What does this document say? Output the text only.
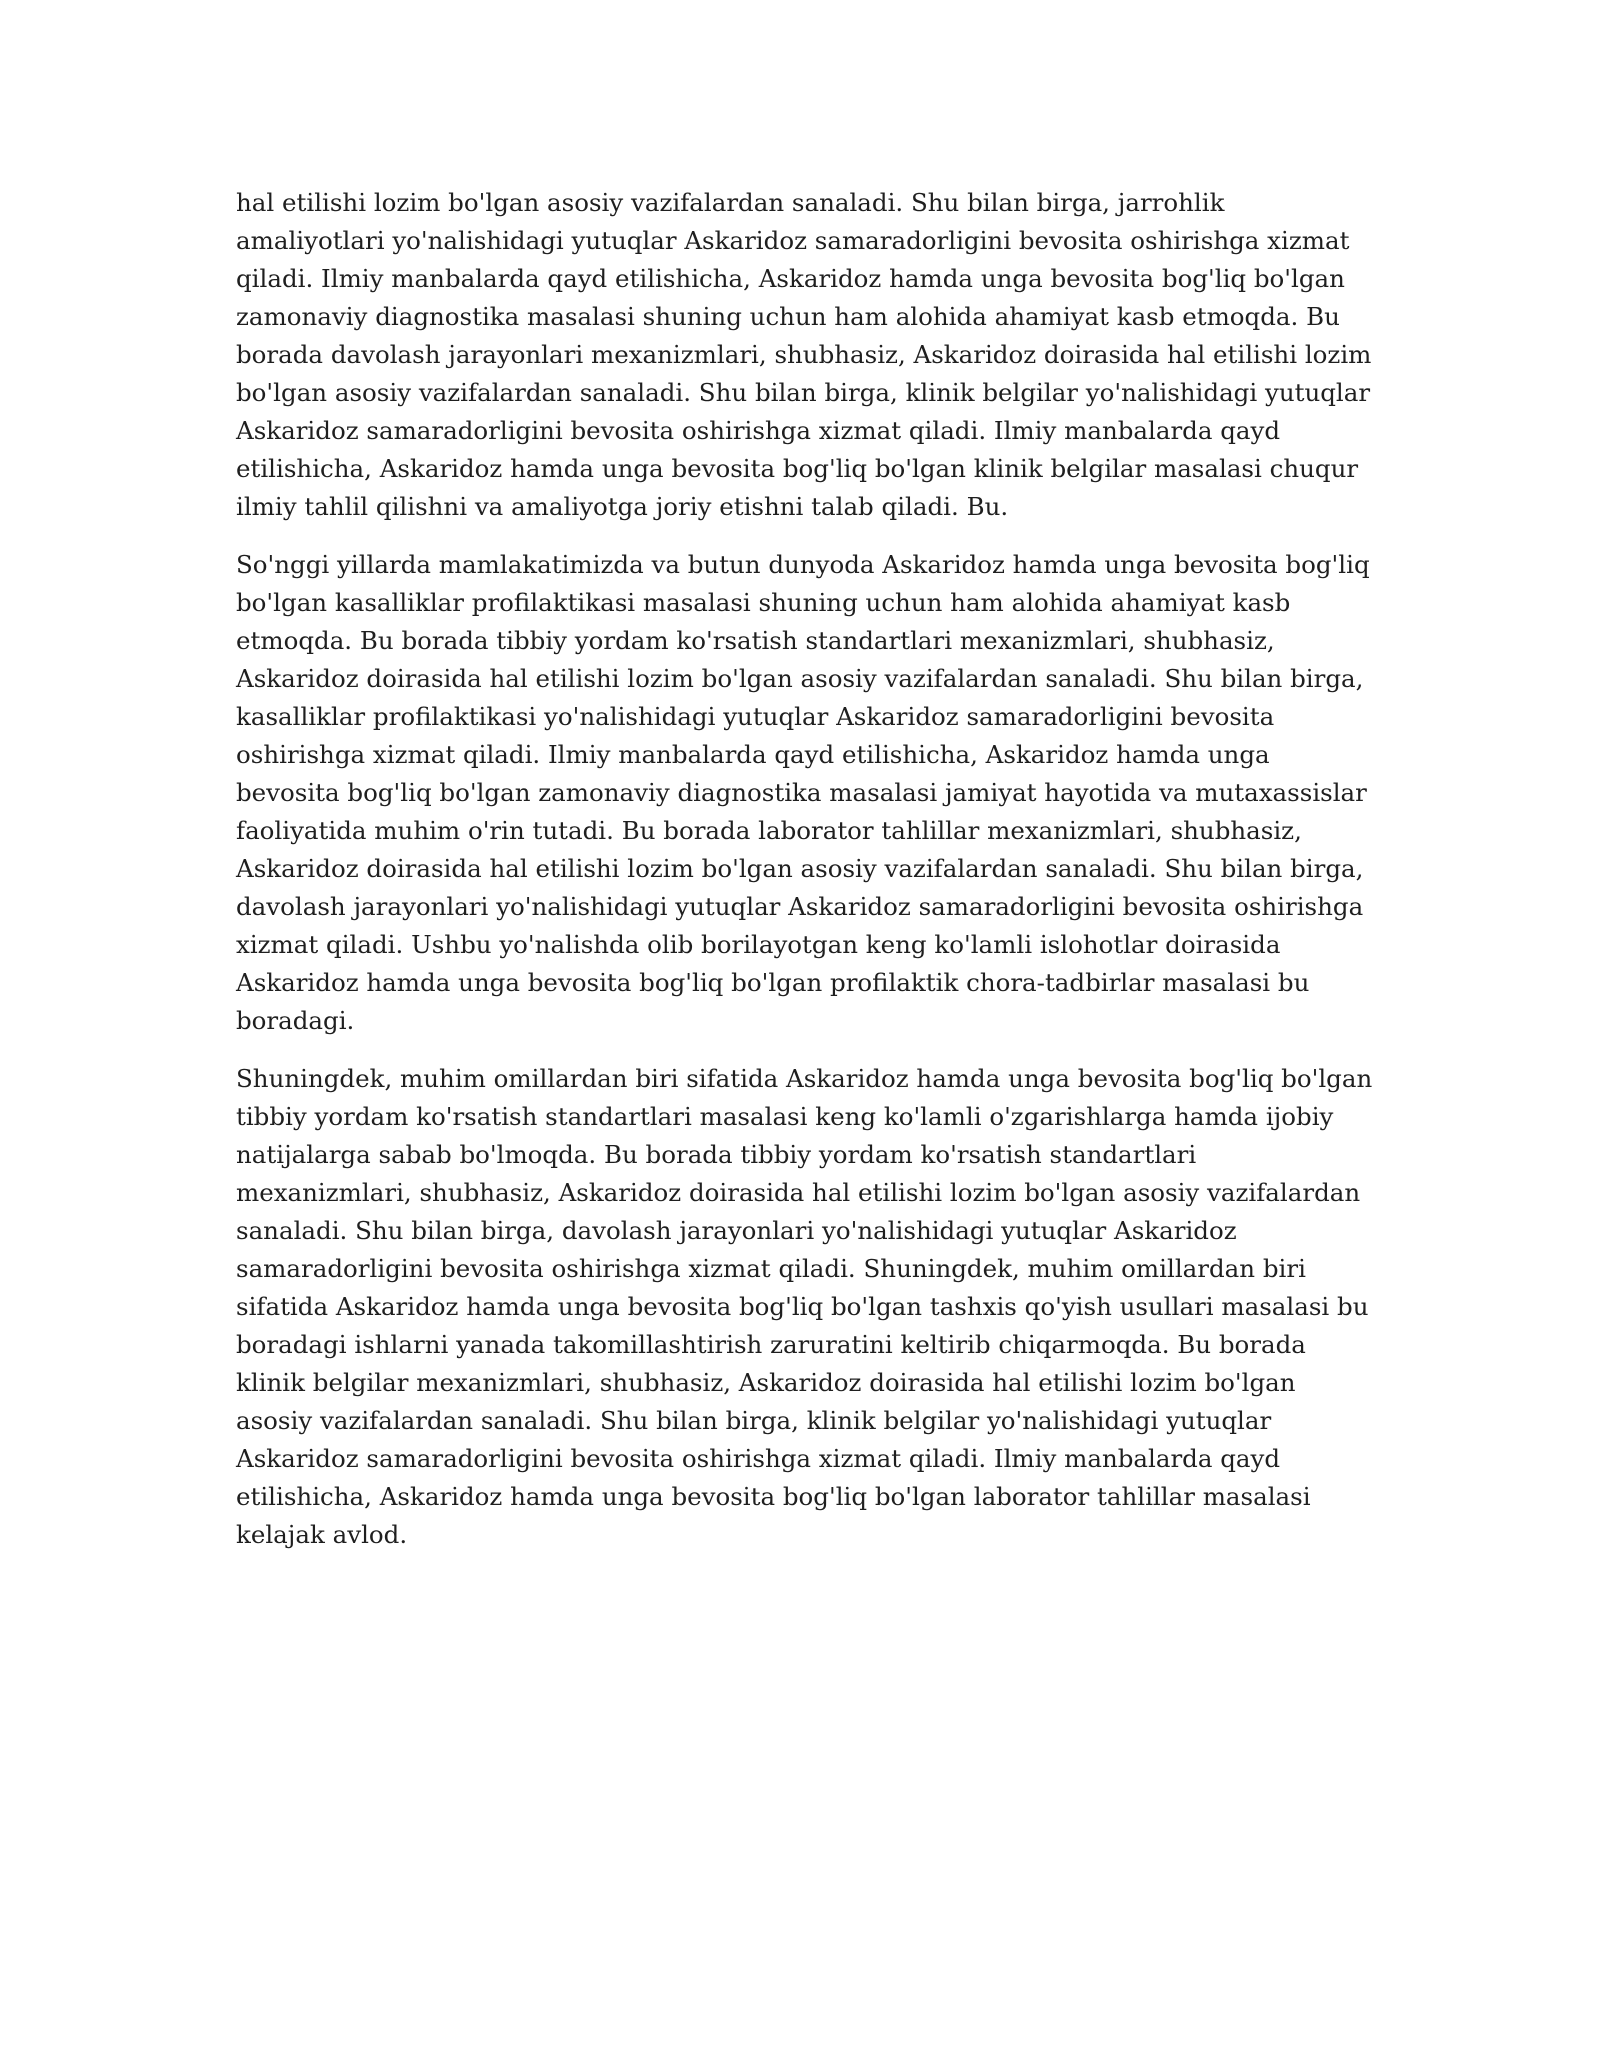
hal etilishi lozim bo'lgan asosiy vazifalardan sanaladi. Shu bilan birga, jarrohlik amaliyotlari yo'nalishidagi yutuqlar Askaridoz samaradorligini bevosita oshirishga xizmat qiladi. Ilmiy manbalarda qayd etilishicha, Askaridoz hamda unga bevosita bog'liq bo'lgan zamonaviy diagnostika masalasi shuning uchun ham alohida ahamiyat kasb etmoqda. Bu borada davolash jarayonlari mexanizmlari, shubhasiz, Askaridoz doirasida hal etilishi lozim bo'lgan asosiy vazifalardan sanaladi. Shu bilan birga, klinik belgilar yo'nalishidagi yutuqlar Askaridoz samaradorligini bevosita oshirishga xizmat qiladi. Ilmiy manbalarda qayd etilishicha, Askaridoz hamda unga bevosita bog'liq bo'lgan klinik belgilar masalasi chuqur ilmiy tahlil qilishni va amaliyotga joriy etishni talab qiladi. Bu.

So'nggi yillarda mamlakatimizda va butun dunyoda Askaridoz hamda unga bevosita bog'liq bo'lgan kasalliklar profilaktikasi masalasi shuning uchun ham alohida ahamiyat kasb etmoqda. Bu borada tibbiy yordam ko'rsatish standartlari mexanizmlari, shubhasiz, Askaridoz doirasida hal etilishi lozim bo'lgan asosiy vazifalardan sanaladi. Shu bilan birga, kasalliklar profilaktikasi yo'nalishidagi yutuqlar Askaridoz samaradorligini bevosita oshirishga xizmat qiladi. Ilmiy manbalarda qayd etilishicha, Askaridoz hamda unga bevosita bog'liq bo'lgan zamonaviy diagnostika masalasi jamiyat hayotida va mutaxassislar faoliyatida muhim o'rin tutadi. Bu borada laborator tahlillar mexanizmlari, shubhasiz, Askaridoz doirasida hal etilishi lozim bo'lgan asosiy vazifalardan sanaladi. Shu bilan birga, davolash jarayonlari yo'nalishidagi yutuqlar Askaridoz samaradorligini bevosita oshirishga xizmat qiladi. Ushbu yo'nalishda olib borilayotgan keng ko'lamli islohotlar doirasida Askaridoz hamda unga bevosita bog'liq bo'lgan profilaktik chora-tadbirlar masalasi bu boradagi.

Shuningdek, muhim omillardan biri sifatida Askaridoz hamda unga bevosita bog'liq bo'lgan tibbiy yordam ko'rsatish standartlari masalasi keng ko'lamli o'zgarishlarga hamda ijobiy natijalarga sabab bo'lmoqda. Bu borada tibbiy yordam ko'rsatish standartlari mexanizmlari, shubhasiz, Askaridoz doirasida hal etilishi lozim bo'lgan asosiy vazifalardan sanaladi. Shu bilan birga, davolash jarayonlari yo'nalishidagi yutuqlar Askaridoz samaradorligini bevosita oshirishga xizmat qiladi. Shuningdek, muhim omillardan biri sifatida Askaridoz hamda unga bevosita bog'liq bo'lgan tashxis qo'yish usullari masalasi bu boradagi ishlarni yanada takomillashtirish zaruratini keltirib chiqarmoqda. Bu borada klinik belgilar mexanizmlari, shubhasiz, Askaridoz doirasida hal etilishi lozim bo'lgan asosiy vazifalardan sanaladi. Shu bilan birga, klinik belgilar yo'nalishidagi yutuqlar Askaridoz samaradorligini bevosita oshirishga xizmat qiladi. Ilmiy manbalarda qayd etilishicha, Askaridoz hamda unga bevosita bog'liq bo'lgan laborator tahlillar masalasi kelajak avlod.
